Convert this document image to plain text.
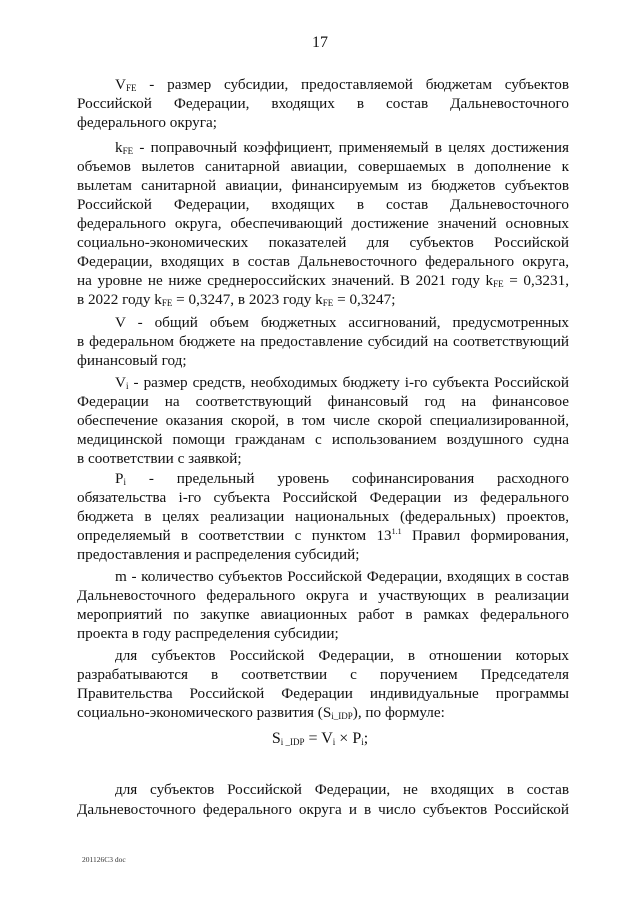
17
$V_{FE}$ - размер субсидии, предоставляемой бюджетам субъектов
Российской Федерации, входящих в состав Дальневосточного
федерального округа;
$k_{FE}$ - поправочный коэффициент, применяемый в целях достижения
объемов вылетов санитарной авиации, совершаемых в дополнение к
вылетам санитарной авиации, финансируемым из бюджетов субъектов
Российской Федерации, входящих в состав Дальневосточного
федерального округа, обеспечивающий достижение значений основных
социально-экономических показателей для субъектов Российской
Федерации, входящих в состав Дальневосточного федерального округа,
на уровне не ниже среднероссийских значений. В 2021 году $k_{FE} = 0,3231$,
в 2022 году $k_{FE} = 0,3247$, в 2023 году $k_{FE} = 0,3247$;
V - общий объем бюджетных ассигнований, предусмотренных
в федеральном бюджете на предоставление субсидий на соответствующий
финансовый год;
$V_i$ - размер средств, необходимых бюджету i-го субъекта Российской
Федерации на соответствующий финансовый год на финансовое
обеспечение оказания скорой, в том числе скорой специализированной,
медицинской помощи гражданам с использованием воздушного судна
в соответствии с заявкой;
$P_i$ - предельный уровень софинансирования расходного
обязательства i-го субъекта Российской Федерации из федерального
бюджета в целях реализации национальных (федеральных) проектов,
определяемый в соответствии с пунктом $13^{1.1}$ Правил формирования,
предоставления и распределения субсидий;
m - количество субъектов Российской Федерации, входящих в состав
Дальневосточного федерального округа и участвующих в реализации
мероприятий по закупке авиационных работ в рамках федерального
проекта в году распределения субсидии;
для субъектов Российской Федерации, в отношении которых
разрабатываются в соответствии с поручением Председателя
Правительства Российской Федерации индивидуальные программы
социально-экономического развития $(S_{i\_IDP})$, по формуле:
для субъектов Российской Федерации, не входящих в состав
Дальневосточного федерального округа и в число субъектов Российской
$S_{i \_IDP} = V_i \times P_i$;
201126C3 doc
